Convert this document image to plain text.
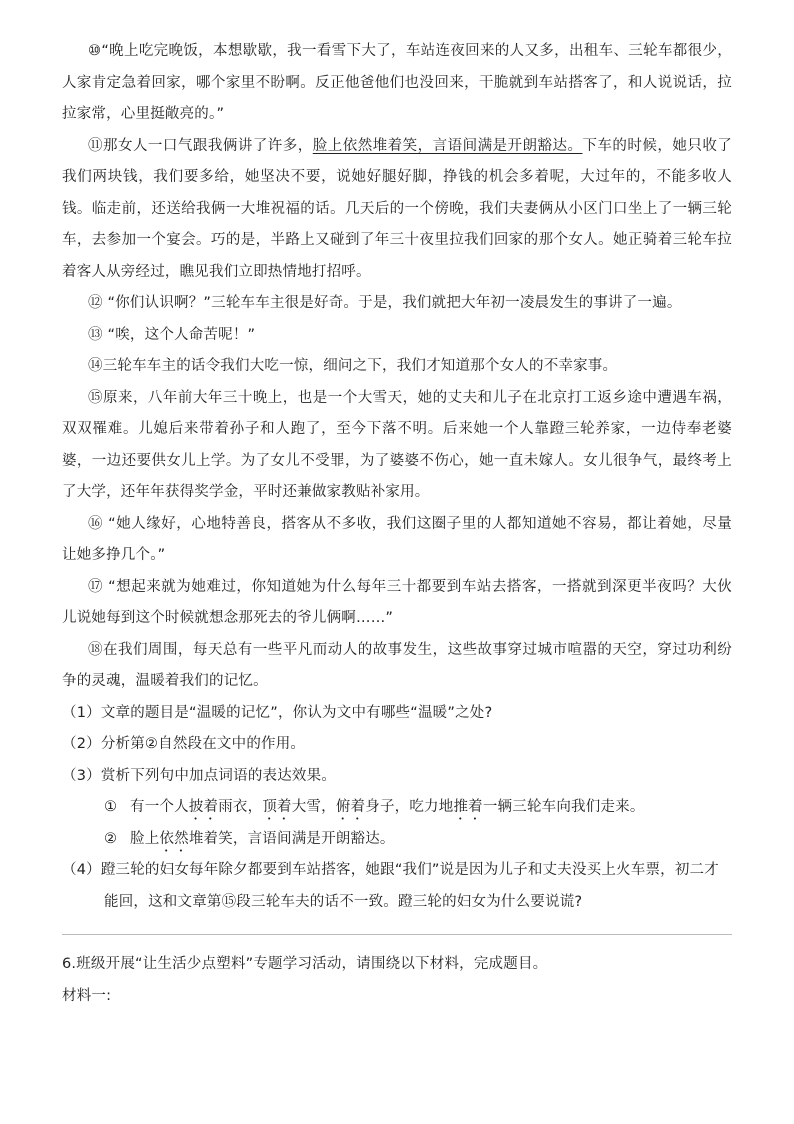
⑩“晚上吃完晚饭，本想歇歇，我一看雪下大了，车站连夜回来的人又多，出租车、三轮车都很少，人家肯定急着回家，哪个家里不盼啊。反正他爸他们也没回来，干脆就到车站搭客了，和人说说话，拉拉家常，心里挺敞亮的。”

⑪那女人一口气跟我俩讲了许多，脸上依然堆着笑，言语间满是开朗豁达。下车的时候，她只收了我们两块钱，我们要多给，她坚决不要，说她好腿好脚，挣钱的机会多着呢，大过年的，不能多收人钱。临走前，还送给我俩一大堆祝福的话。几天后的一个傍晚，我们夫妻俩从小区门口坐上了一辆三轮车，去参加一个宴会。巧的是，半路上又碰到了年三十夜里拉我们回家的那个女人。她正骑着三轮车拉着客人从旁经过，瞧见我们立即热情地打招呼。

⑫ “你们认识啊？”三轮车车主很是好奇。于是，我们就把大年初一凌晨发生的事讲了一遍。

⑬ “唉，这个人命苦呢！”

⑭三轮车车主的话令我们大吃一惊，细问之下，我们才知道那个女人的不幸家事。

⑮原来，八年前大年三十晚上，也是一个大雪天，她的丈夫和儿子在北京打工返乡途中遭遇车祸，双双罹难。儿媳后来带着孙子和人跑了，至今下落不明。后来她一个人靠蹬三轮养家，一边侍奉老婆婆，一边还要供女儿上学。为了女儿不受罪，为了婆婆不伤心，她一直未嫁人。女儿很争气，最终考上了大学，还年年获得奖学金，平时还兼做家教贴补家用。

⑯ “她人缘好，心地特善良，搭客从不多收，我们这圈子里的人都知道她不容易，都让着她，尽量让她多挣几个。”

⑰ “想起来就为她难过，你知道她为什么每年三十都要到车站去搭客，一搭就到深更半夜吗？大伙儿说她每到这个时候就想念那死去的爷儿俩啊……”

⑱在我们周围，每天总有一些平凡而动人的故事发生，这些故事穿过城市喧嚣的天空，穿过功利纷争的灵魂，温暖着我们的记忆。

（1）文章的题目是“温暖的记忆”，你认为文中有哪些“温暖”之处?

（2）分析第②自然段在文中的作用。

（3）赏析下列句中加点词语的表达效果。

① 有一个人披着雨衣，顶着大雪，俯着身子，吃力地推着一辆三轮车向我们走来。

② 脸上依然堆着笑，言语间满是开朗豁达。

（4）蹬三轮的妇女每年除夕都要到车站搭客，她跟“我们”说是因为儿子和丈夫没买上火车票，初二才能回，这和文章第⑮段三轮车夫的话不一致。蹬三轮的妇女为什么要说谎?

6.班级开展“让生活少点塑料”专题学习活动，请围绕以下材料，完成题目。

材料一:
